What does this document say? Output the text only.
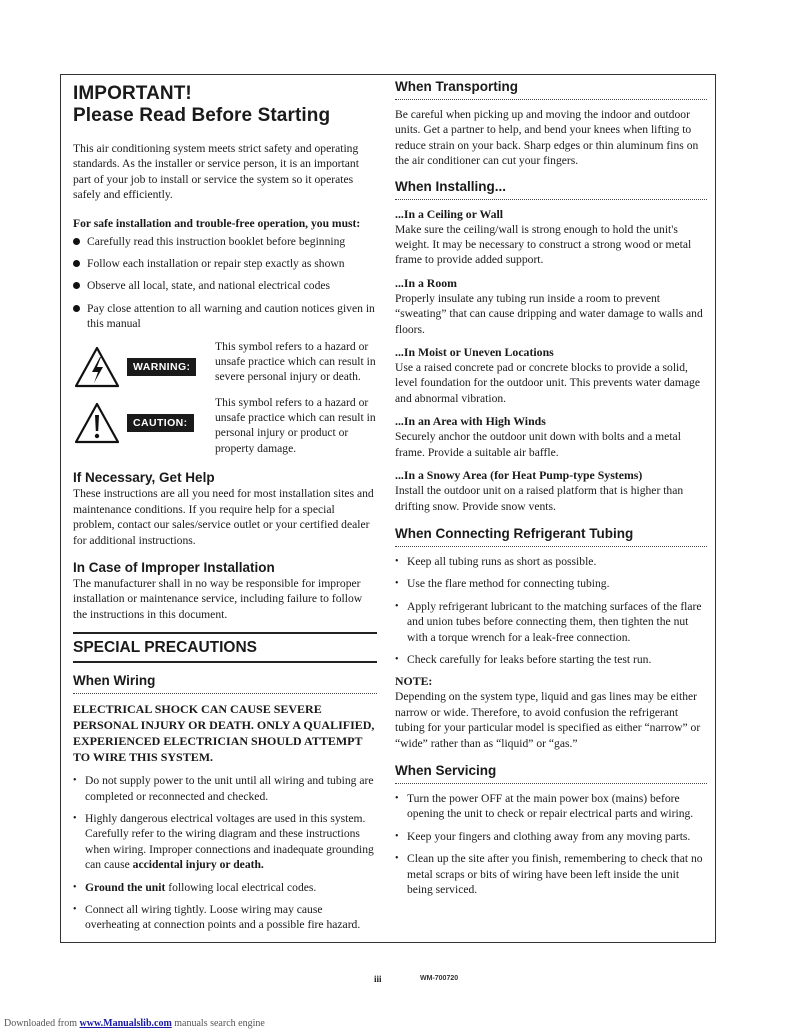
IMPORTANT!
Please Read Before Starting

This air conditioning system meets strict safety and operating standards. As the installer or service person, it is an important part of your job to install or service the system so it operates safely and efficiently.

For safe installation and trouble-free operation, you must:

Carefully read this instruction booklet before beginning
Follow each installation or repair step exactly as shown
Observe all local, state, and national electrical codes
Pay close attention to all warning and caution notices given in this manual
WARNING:

This symbol refers to a hazard or unsafe practice which can result in severe personal injury or death.

CAUTION:

This symbol refers to a hazard or unsafe practice which can result in personal injury or product or property damage.

If Necessary, Get Help

These instructions are all you need for most installation sites and maintenance conditions. If you require help for a special problem, contact our sales/service outlet or your certified dealer for additional instructions.

In Case of Improper Installation

The manufacturer shall in no way be responsible for improper installation or maintenance service, including failure to follow the instructions in this document.

SPECIAL PRECAUTIONS

When Wiring

ELECTRICAL SHOCK CAN CAUSE SEVERE PERSONAL INJURY OR DEATH. ONLY A QUALIFIED, EXPERIENCED ELECTRICIAN SHOULD ATTEMPT TO WIRE THIS SYSTEM.

• Do not supply power to the unit until all wiring and tubing are completed or reconnected and checked.
• Highly dangerous electrical voltages are used in this system. Carefully refer to the wiring diagram and these instructions when wiring. Improper connections and inadequate grounding can cause accidental injury or death.
• Ground the unit following local electrical codes.
• Connect all wiring tightly. Loose wiring may cause overheating at connection points and a possible fire hazard.

When Transporting

Be careful when picking up and moving the indoor and outdoor units. Get a partner to help, and bend your knees when lifting to reduce strain on your back. Sharp edges or thin aluminum fins on the air conditioner can cut your fingers.

When Installing...

...In a Ceiling or Wall

Make sure the ceiling/wall is strong enough to hold the unit's weight. It may be necessary to construct a strong wood or metal frame to provide added support.

...In a Room

Properly insulate any tubing run inside a room to prevent “sweating” that can cause dripping and water damage to walls and floors.

...In Moist or Uneven Locations

Use a raised concrete pad or concrete blocks to provide a solid, level foundation for the outdoor unit. This prevents water damage and abnormal vibration.

...In an Area with High Winds

Securely anchor the outdoor unit down with bolts and a metal frame. Provide a suitable air baffle.

...In a Snowy Area (for Heat Pump-type Systems)

Install the outdoor unit on a raised platform that is higher than drifting snow. Provide snow vents.

When Connecting Refrigerant Tubing

• Keep all tubing runs as short as possible.
• Use the flare method for connecting tubing.
• Apply refrigerant lubricant to the matching surfaces of the flare and union tubes before connecting them, then tighten the nut with a torque wrench for a leak-free connection.
• Check carefully for leaks before starting the test run.

NOTE:

Depending on the system type, liquid and gas lines may be either narrow or wide. Therefore, to avoid confusion the refrigerant tubing for your particular model is specified as either “narrow” or “wide” rather than as “liquid” or “gas.”

When Servicing

• Turn the power OFF at the main power box (mains) before opening the unit to check or repair electrical parts and wiring.
• Keep your fingers and clothing away from any moving parts.
• Clean up the site after you finish, remembering to check that no metal scraps or bits of wiring have been left inside the unit being serviced.
iii	WM-700720
Downloaded from www.Manualslib.com manuals search engine
